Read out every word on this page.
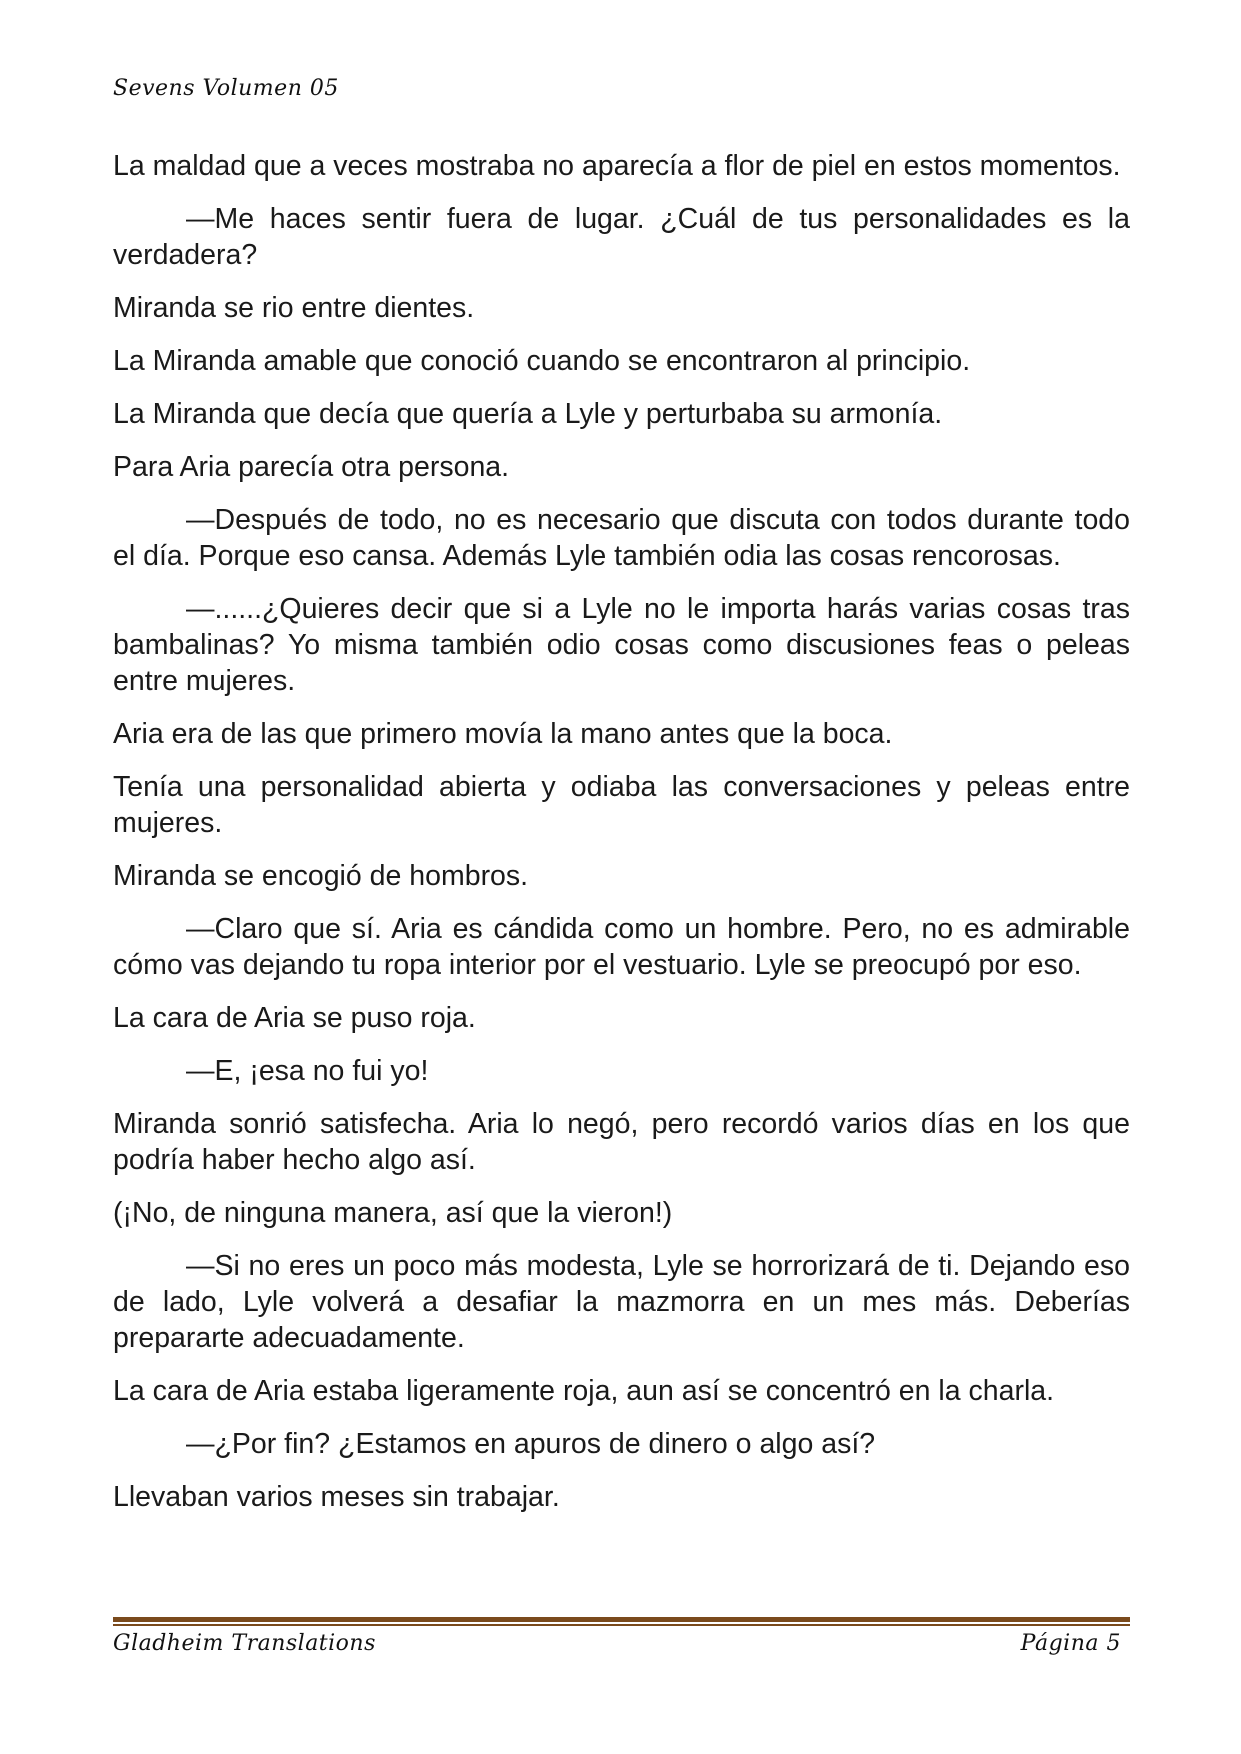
Sevens Volumen 05

La maldad que a veces mostraba no aparecía a flor de piel en estos momentos.

—Me haces sentir fuera de lugar. ¿Cuál de tus personalidades es la verdadera?

Miranda se rio entre dientes.

La Miranda amable que conoció cuando se encontraron al principio.

La Miranda que decía que quería a Lyle y perturbaba su armonía.

Para Aria parecía otra persona.

—Después de todo, no es necesario que discuta con todos durante todo el día. Porque eso cansa. Además Lyle también odia las cosas rencorosas.

—......¿Quieres decir que si a Lyle no le importa harás varias cosas tras bambalinas? Yo misma también odio cosas como discusiones feas o peleas entre mujeres.

Aria era de las que primero movía la mano antes que la boca.

Tenía una personalidad abierta y odiaba las conversaciones y peleas entre mujeres.

Miranda se encogió de hombros.

—Claro que sí. Aria es cándida como un hombre. Pero, no es admirable cómo vas dejando tu ropa interior por el vestuario. Lyle se preocupó por eso.

La cara de Aria se puso roja.

—E, ¡esa no fui yo!

Miranda sonrió satisfecha. Aria lo negó, pero recordó varios días en los que podría haber hecho algo así.

(¡No, de ninguna manera, así que la vieron!)

—Si no eres un poco más modesta, Lyle se horrorizará de ti. Dejando eso de lado, Lyle volverá a desafiar la mazmorra en un mes más. Deberías prepararte adecuadamente.

La cara de Aria estaba ligeramente roja, aun así se concentró en la charla.

—¿Por fin? ¿Estamos en apuros de dinero o algo así?

Llevaban varios meses sin trabajar.

Gladheim Translations	Página 5
